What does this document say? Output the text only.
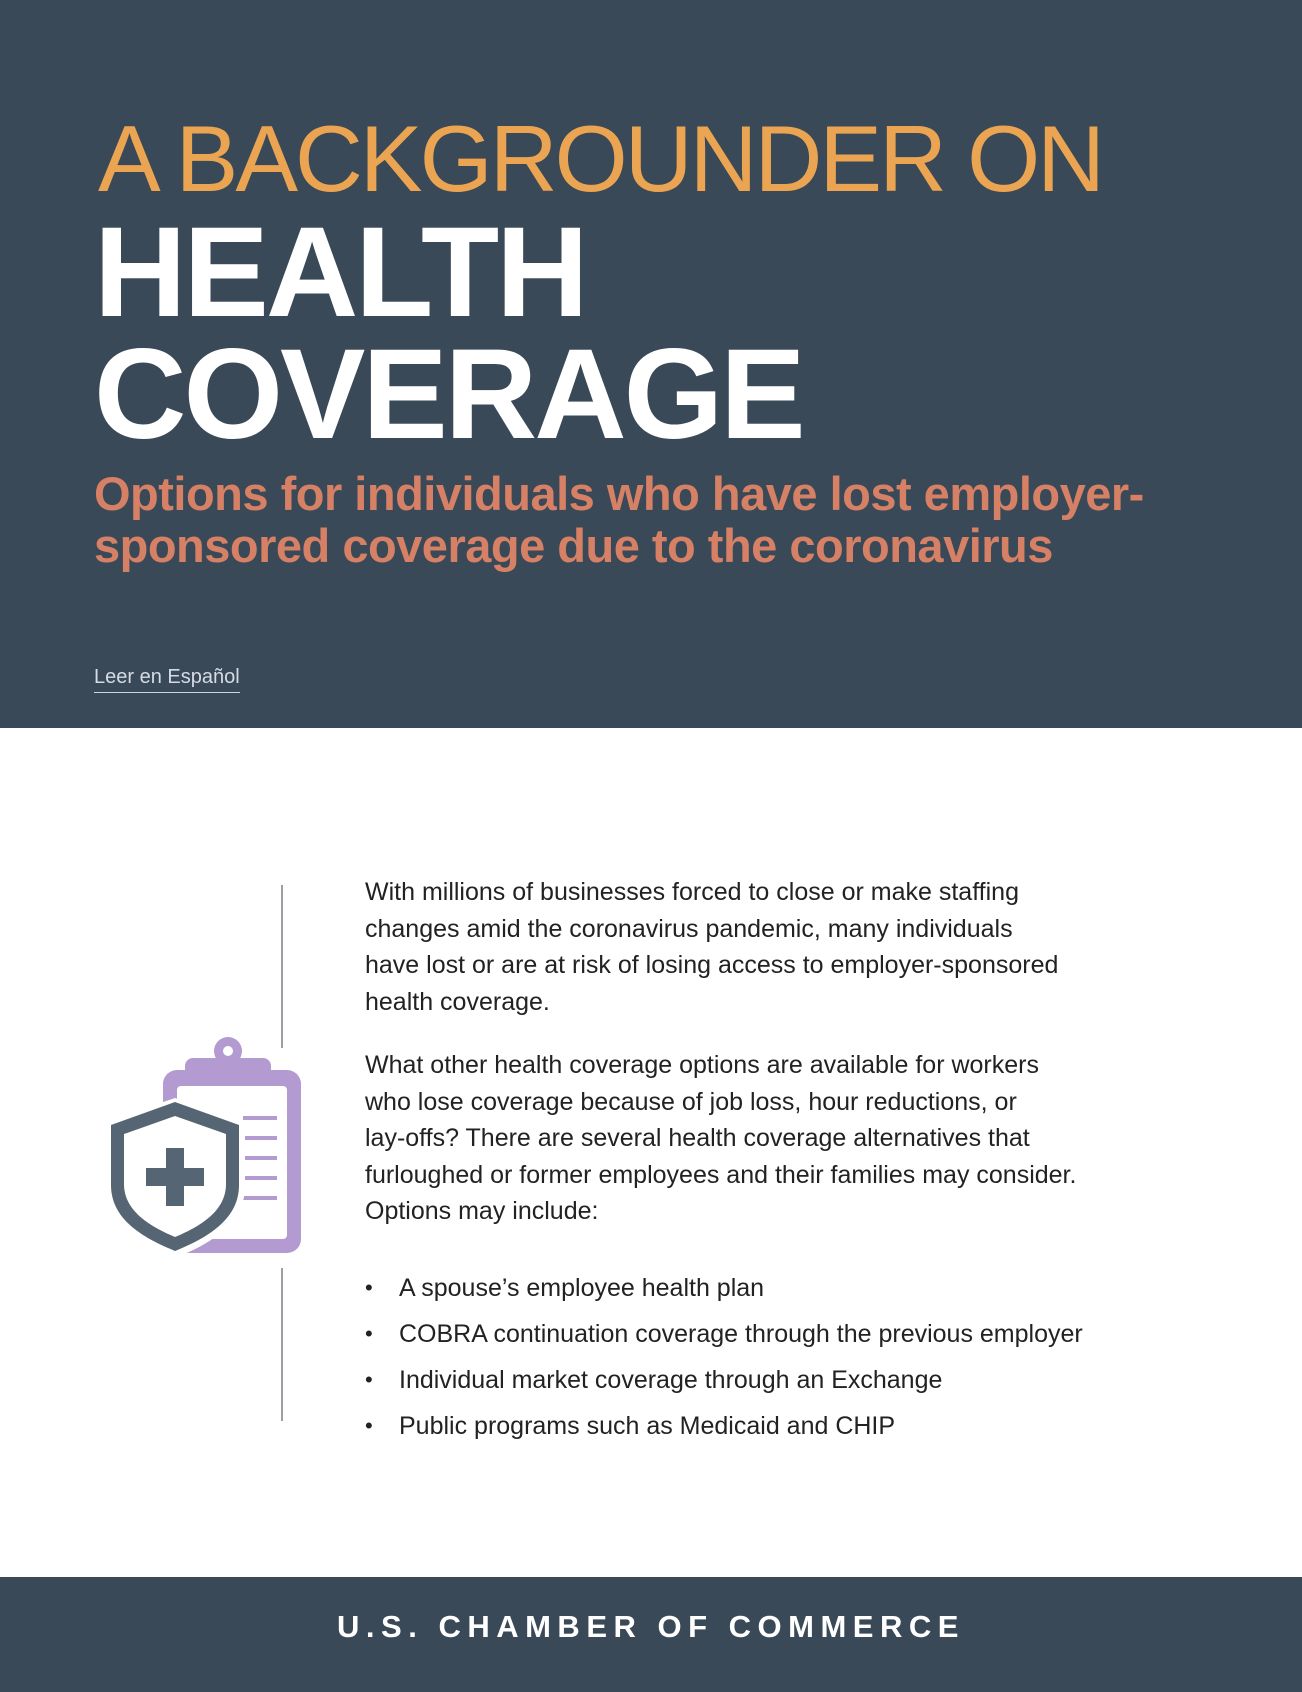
A BACKGROUNDER ON
HEALTH
COVERAGE
Options for individuals who have lost employer-
sponsored coverage due to the coronavirus
Leer en Español

With millions of businesses forced to close or make staffing
changes amid the coronavirus pandemic, many individuals
have lost or are at risk of losing access to employer-sponsored
health coverage.

What other health coverage options are available for workers
who lose coverage because of job loss, hour reductions, or
lay-offs? There are several health coverage alternatives that
furloughed or former employees and their families may consider.
Options may include:

• A spouse’s employee health plan
• COBRA continuation coverage through the previous employer
• Individual market coverage through an Exchange
• Public programs such as Medicaid and CHIP
U.S. CHAMBER OF COMMERCE
